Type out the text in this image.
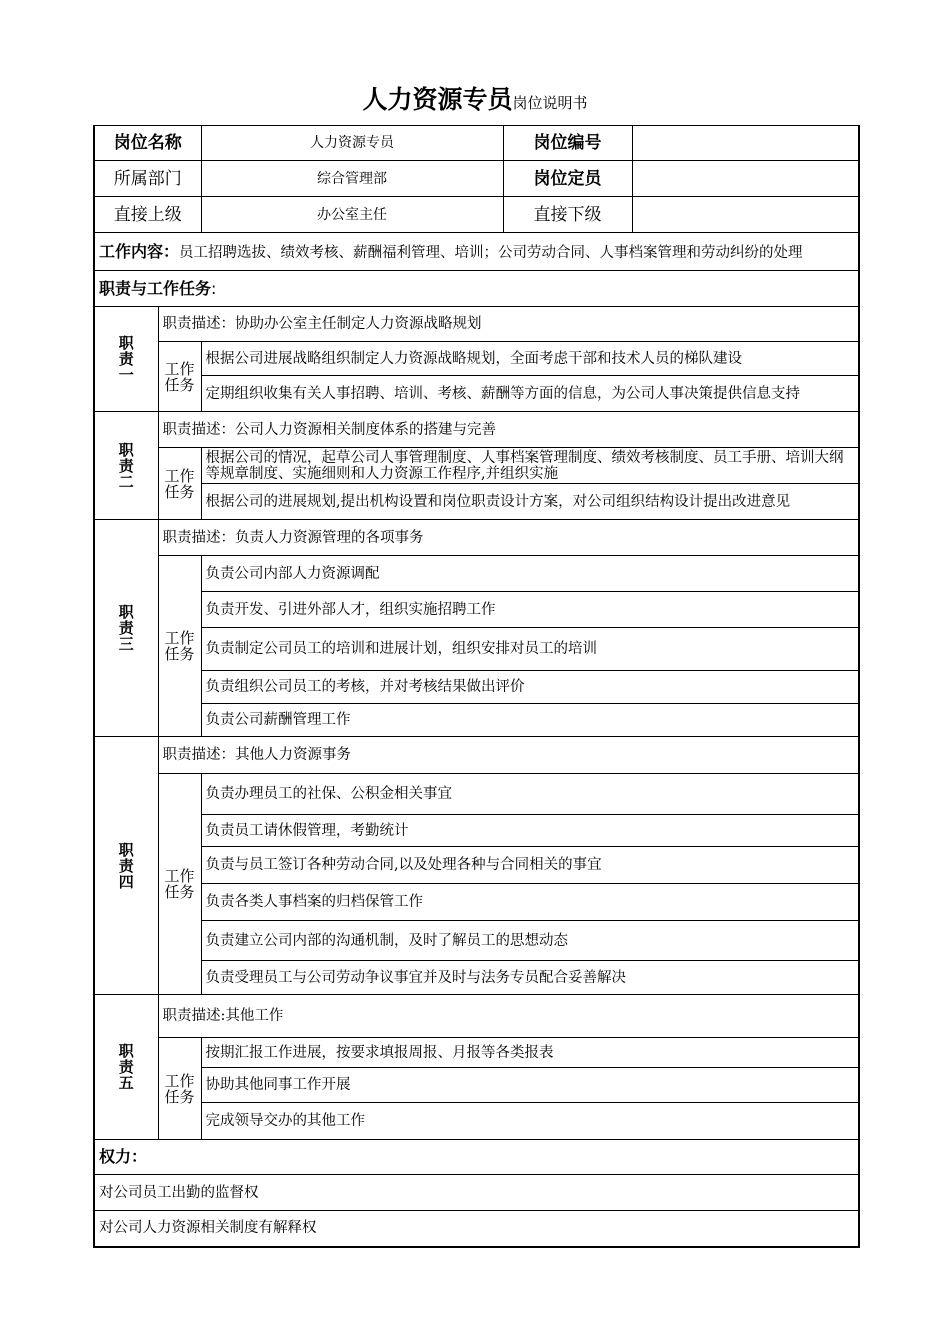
人力资源专员岗位说明书
岗位名称		人力资源专员	岗位编号	
所属部门		综合管理部	岗位定员	
直接上级		办公室主任	直接下级	
工作内容：员工招聘选拔、绩效考核、薪酬福利管理、培训；公司劳动合同、人事档案管理和劳动纠纷的处理				
职责与工作任务:				
职责一	职责描述：协助办公室主任制定人力资源战略规划			
	工作任务	根据公司进展战略组织制定人力资源战略规划，全面考虑干部和技术人员的梯队建设		
		定期组织收集有关人事招聘、培训、考核、薪酬等方面的信息，为公司人事决策提供信息支持		
职责二	职责描述：公司人力资源相关制度体系的搭建与完善			
	工作任务	根据公司的情况，起草公司人事管理制度、人事档案管理制度、绩效考核制度、员工手册、培训大纲等规章制度、实施细则和人力资源工作程序,并组织实施		
		根据公司的进展规划,提出机构设置和岗位职责设计方案，对公司组织结构设计提出改进意见		
职责三	职责描述：负责人力资源管理的各项事务			
	工作任务	负责公司内部人力资源调配		
		负责开发、引进外部人才，组织实施招聘工作		
		负责制定公司员工的培训和进展计划，组织安排对员工的培训		
		负责组织公司员工的考核，并对考核结果做出评价		
		负责公司薪酬管理工作		
职责四	职责描述：其他人力资源事务			
	工作任务	负责办理员工的社保、公积金相关事宜		
		负责员工请休假管理，考勤统计		
		负责与员工签订各种劳动合同,以及处理各种与合同相关的事宜		
		负责各类人事档案的归档保管工作		
		负责建立公司内部的沟通机制，及时了解员工的思想动态		
		负责受理员工与公司劳动争议事宜并及时与法务专员配合妥善解决		
职责五	职责描述:其他工作			
	工作任务	按期汇报工作进展，按要求填报周报、月报等各类报表		
		协助其他同事工作开展		
		完成领导交办的其他工作		
权力：				
对公司员工出勤的监督权				
对公司人力资源相关制度有解释权				
